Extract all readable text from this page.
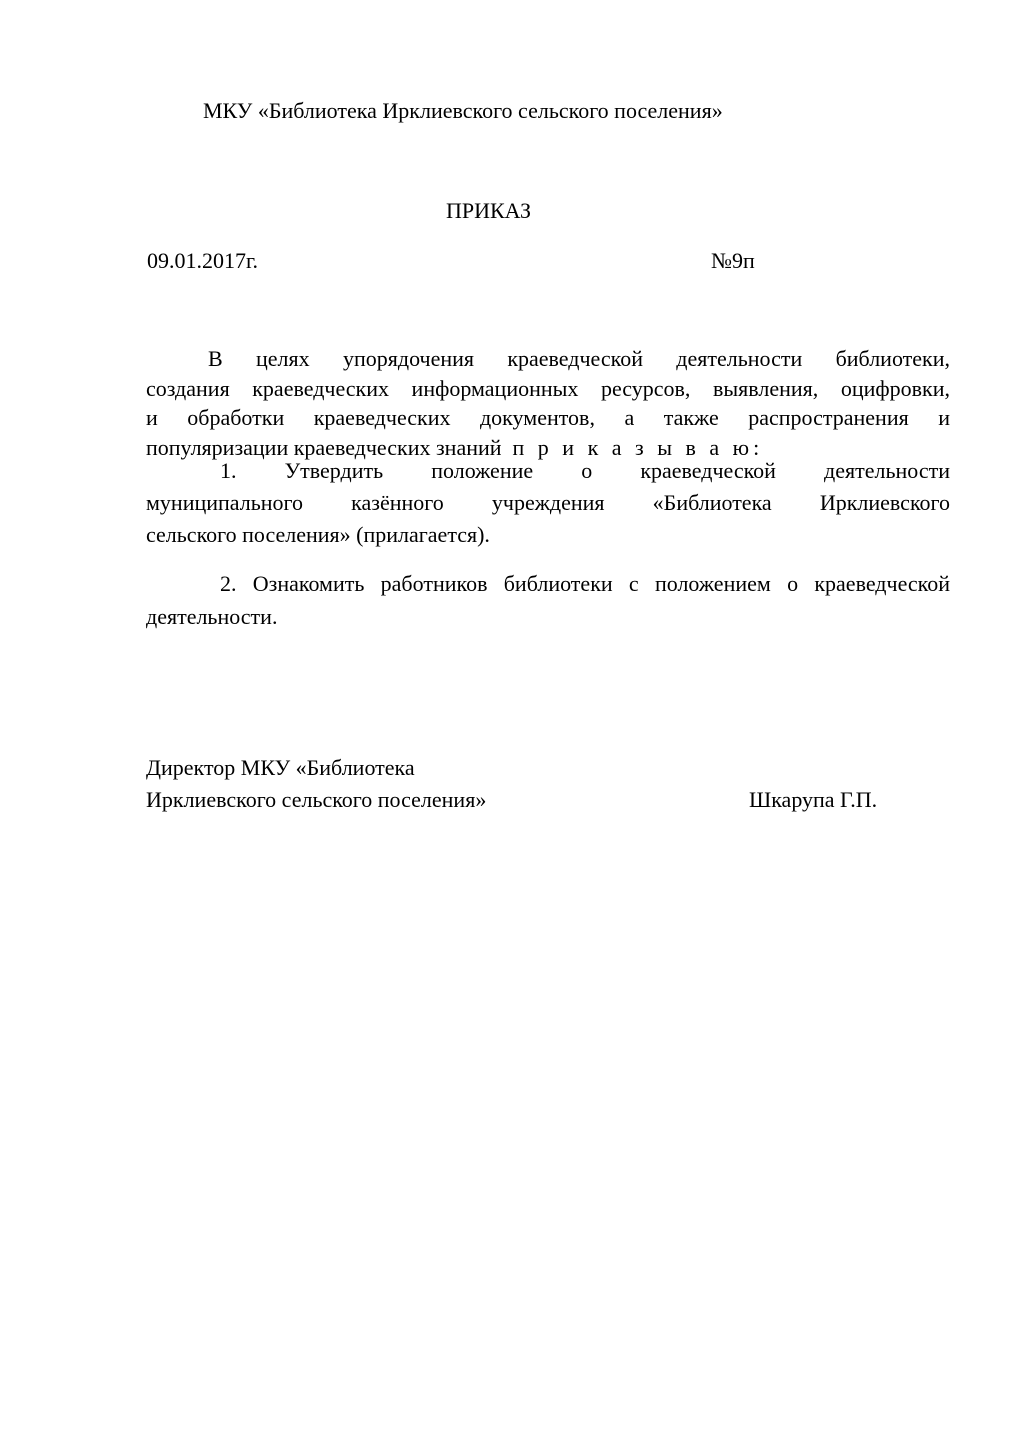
МКУ «Библиотека Ирклиевского сельского поселения»
ПРИКАЗ
09.01.2017г.	№9п
В целях упорядочения краеведческой деятельности библиотеки,
создания краеведческих информационных ресурсов, выявления, оцифровки,
и обработки краеведческих документов, а также распространения и
популяризации краеведческих знаний п р и к а з ы в а ю:
1. Утвердить положение о краеведческой деятельности
муниципального казённого учреждения «Библиотека Ирклиевского
сельского поселения» (прилагается).
2. Ознакомить работников библиотеки с положением о краеведческой
деятельности.
Директор МКУ «Библиотека
Ирклиевского сельского поселения»	Шкарупа Г.П.
